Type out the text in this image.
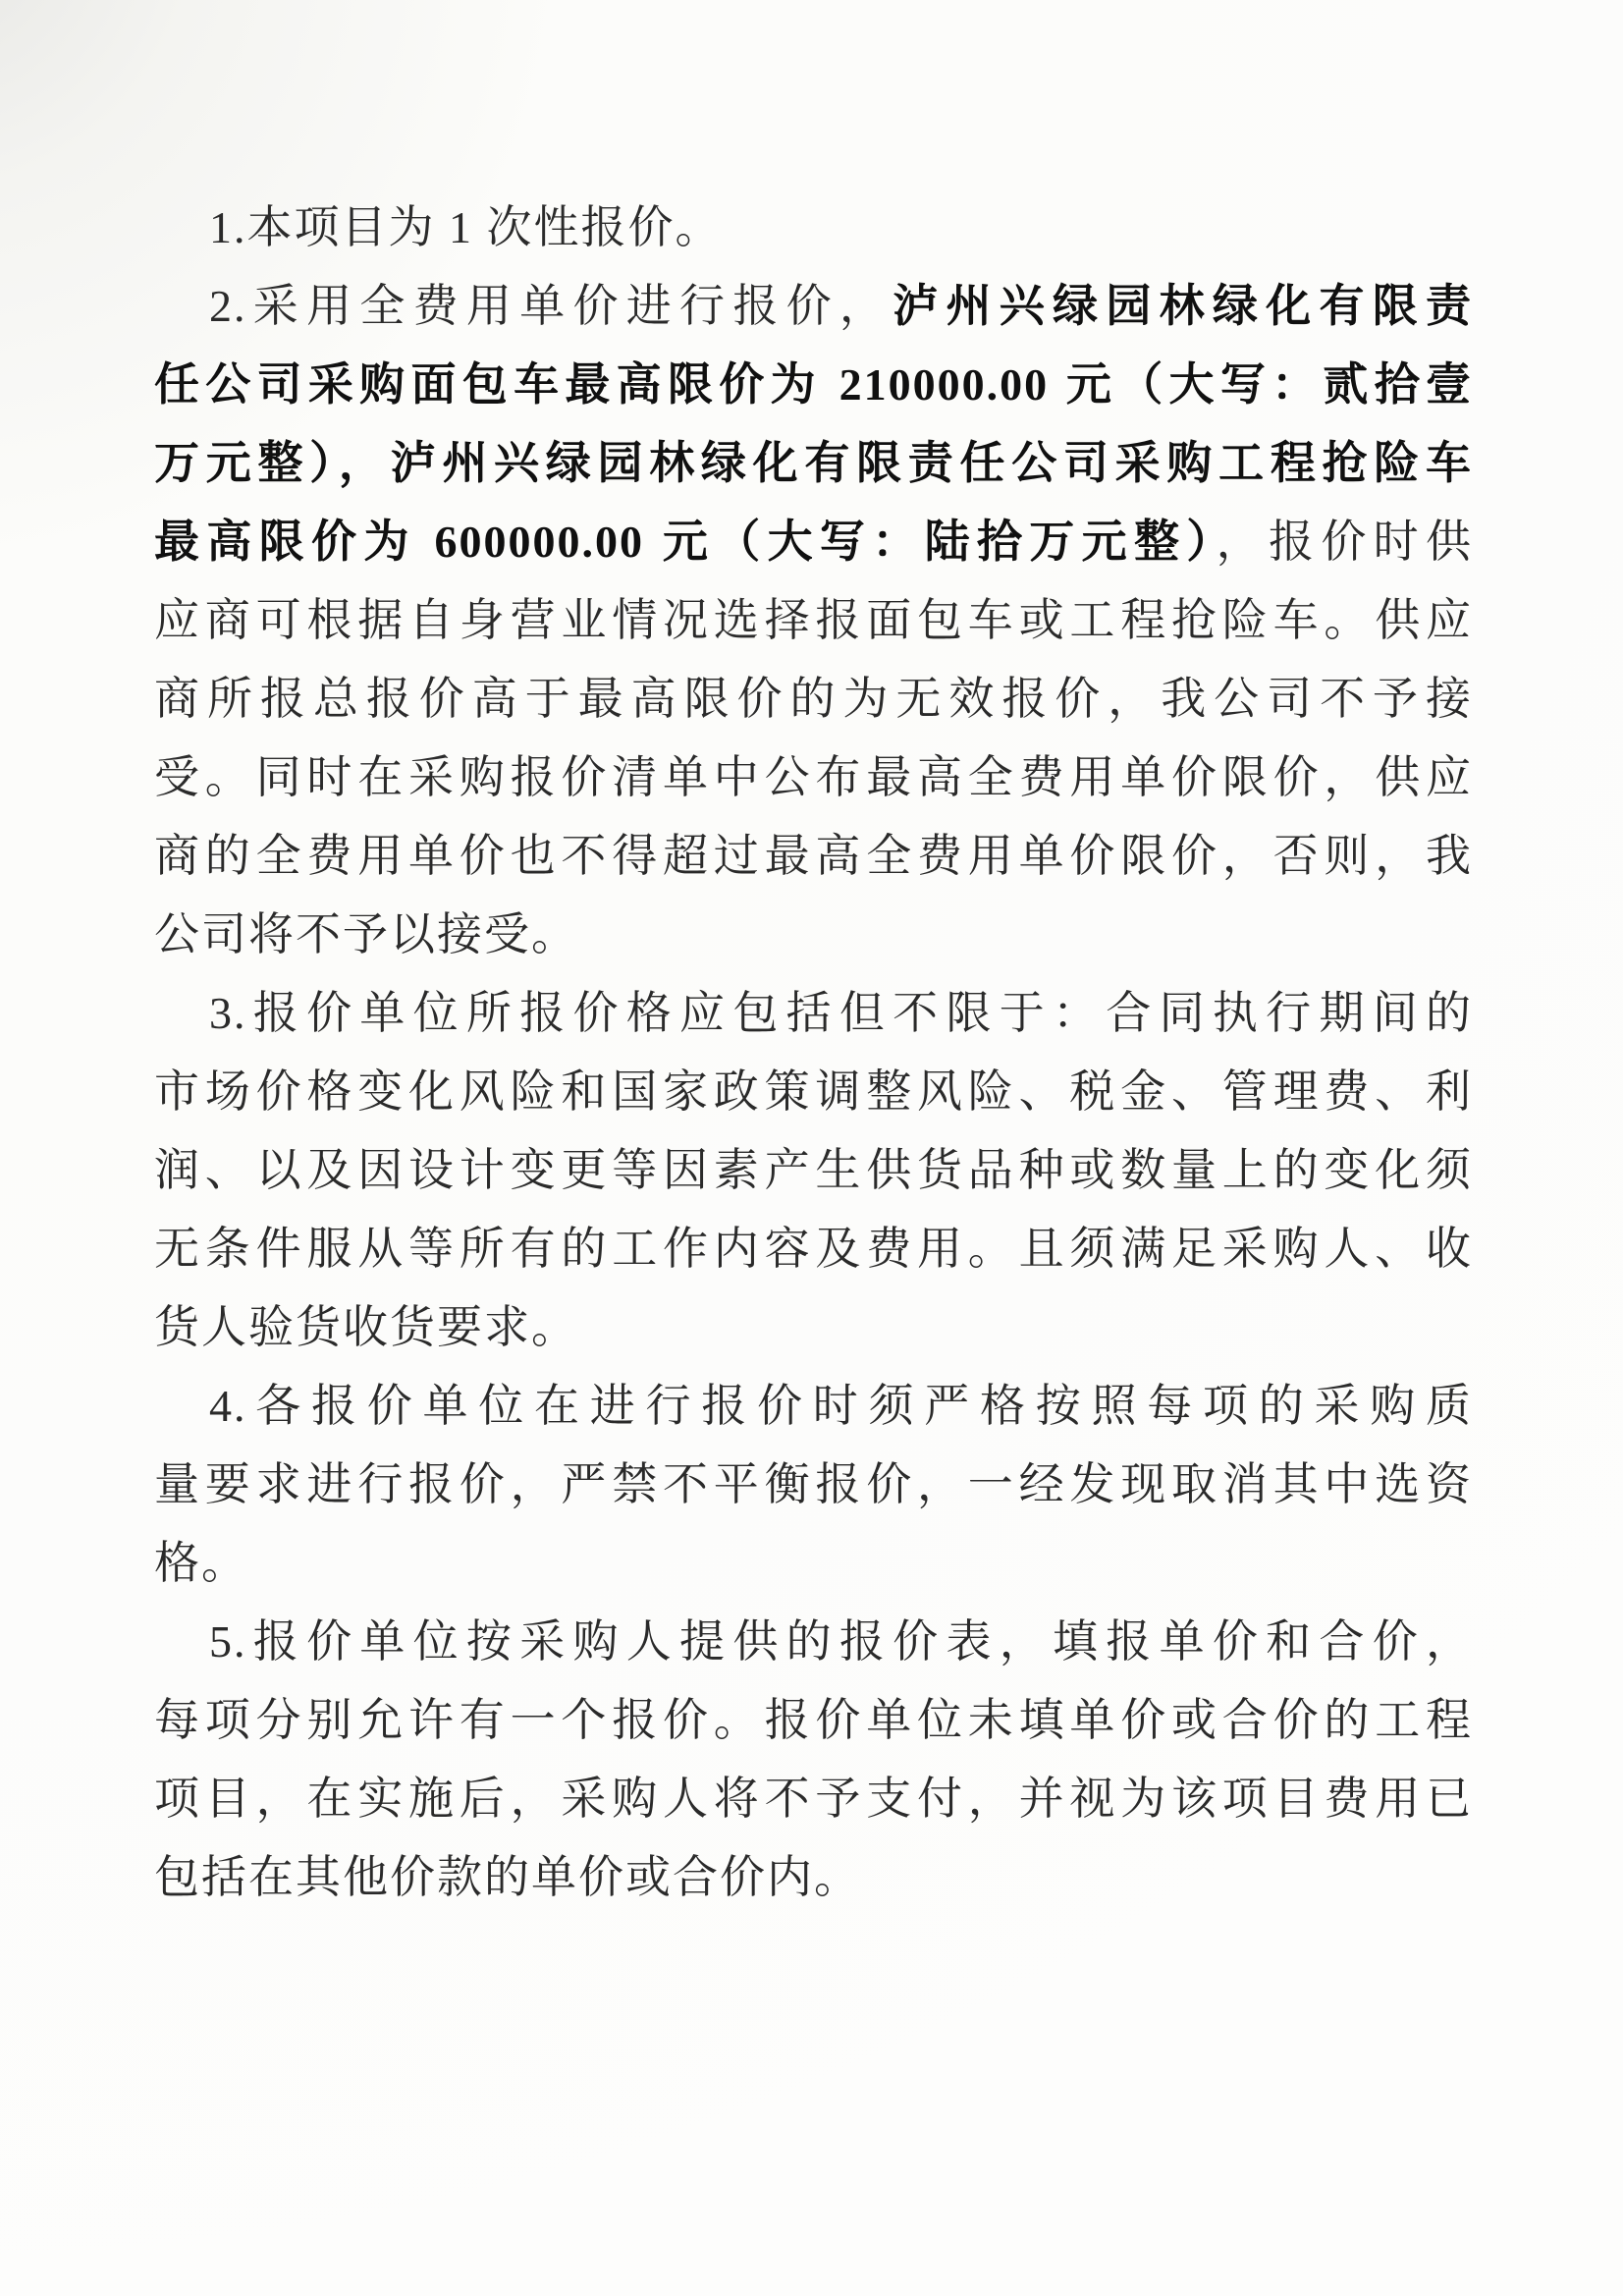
1.本项目为 1 次性报价。

2.采用全费用单价进行报价，泸州兴绿园林绿化有限责

任公司采购面包车最高限价为 210000.00 元（大写：贰拾壹

万元整），泸州兴绿园林绿化有限责任公司采购工程抢险车

最高限价为 600000.00 元（大写：陆拾万元整），报价时供

应商可根据自身营业情况选择报面包车或工程抢险车。供应

商所报总报价高于最高限价的为无效报价，我公司不予接

受。同时在采购报价清单中公布最高全费用单价限价，供应

商的全费用单价也不得超过最高全费用单价限价，否则，我

公司将不予以接受。

3.报价单位所报价格应包括但不限于：合同执行期间的

市场价格变化风险和国家政策调整风险、税金、管理费、利

润、以及因设计变更等因素产生供货品种或数量上的变化须

无条件服从等所有的工作内容及费用。且须满足采购人、收

货人验货收货要求。

4.各报价单位在进行报价时须严格按照每项的采购质

量要求进行报价，严禁不平衡报价，一经发现取消其中选资

格。

5.报价单位按采购人提供的报价表，填报单价和合价，

每项分别允许有一个报价。报价单位未填单价或合价的工程

项目，在实施后，采购人将不予支付，并视为该项目费用已

包括在其他价款的单价或合价内。
